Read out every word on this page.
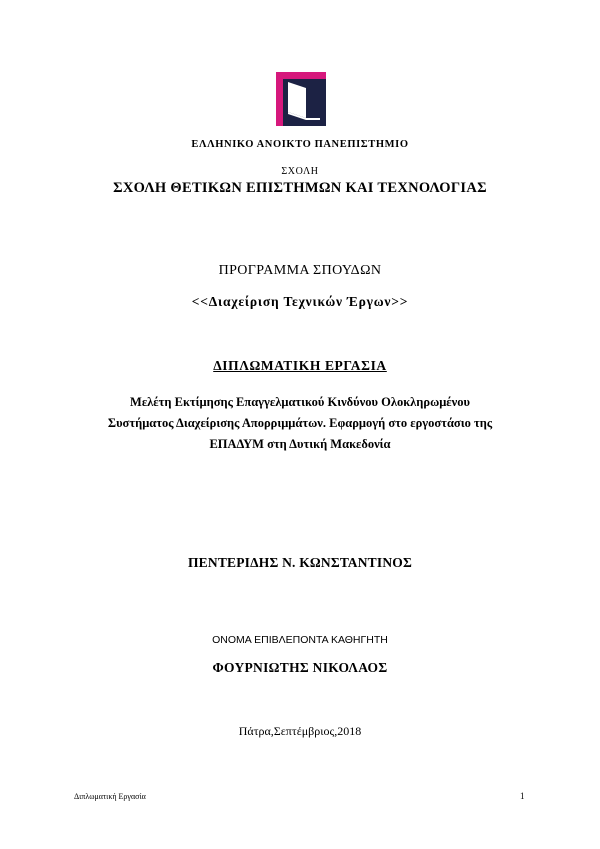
ΕΛΛΗΝΙΚΟ ΑΝΟΙΚΤΟ ΠΑΝΕΠΙΣΤΗΜΙΟ
ΣΧΟΛΗ
ΣΧΟΛΗ ΘΕΤΙΚΩΝ ΕΠΙΣΤΗΜΩΝ ΚΑΙ ΤΕΧΝΟΛΟΓΙΑΣ
ΠΡΟΓΡΑΜΜΑ ΣΠΟΥΔΩΝ
<<Διαχείριση Τεχνικών Έργων>>
ΔΙΠΛΩΜΑΤΙΚΗ ΕΡΓΑΣΙΑ
Μελέτη Εκτίμησης Επαγγελματικού Κινδύνου Ολοκληρωμένου
Συστήματος Διαχείρισης Απορριμμάτων. Εφαρμογή στο εργοστάσιο της
ΕΠΑΔΥΜ στη Δυτική Μακεδονία
ΠΕΝΤΕΡΙΔΗΣ Ν. ΚΩΝΣΤΑΝΤΙΝΟΣ
ΟΝΟΜΑ ΕΠΙΒΛΕΠΟΝΤΑ ΚΑΘΗΓΗΤΗ
ΦΟΥΡΝΙΩΤΗΣ ΝΙΚΟΛΑΟΣ
Πάτρα,Σεπτέμβριος,2018
Διπλωματική Εργασία	1
